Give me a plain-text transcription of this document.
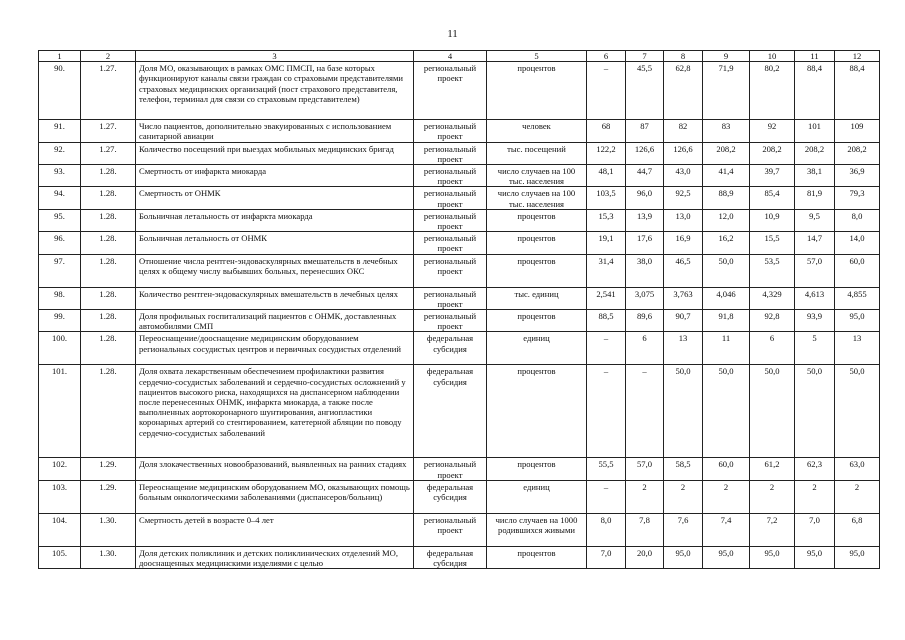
11
1	2	3	4	5	6	7	8	9	10	11	12
90.	1.27.	Доля МО, оказывающих в рамках ОМС ПМСП, на базе которых функционируют каналы связи граждан со страховыми представителями страховых медицинских организаций (пост страхового представителя, телефон, терминал для связи со страховым представителем)	региональный проект	процентов	–	45,5	62,8	71,9	80,2	88,4	88,4
91.	1.27.	Число пациентов, дополнительно эвакуированных с использованием санитарной авиации	региональный проект	человек	68	87	82	83	92	101	109
92.	1.27.	Количество посещений при выездах мобильных медицинских бригад	региональный проект	тыс. посещений	122,2	126,6	126,6	208,2	208,2	208,2	208,2
93.	1.28.	Смертность от инфаркта миокарда	региональный проект	число случаев на 100 тыс. населения	48,1	44,7	43,0	41,4	39,7	38,1	36,9
94.	1.28.	Смертность от ОНМК	региональный проект	число случаев на 100 тыс. населения	103,5	96,0	92,5	88,9	85,4	81,9	79,3
95.	1.28.	Больничная летальность от инфаркта миокарда	региональный проект	процентов	15,3	13,9	13,0	12,0	10,9	9,5	8,0
96.	1.28.	Больничная летальность от ОНМК	региональный проект	процентов	19,1	17,6	16,9	16,2	15,5	14,7	14,0
97.	1.28.	Отношение числа рентген-эндоваскулярных вмешательств в лечебных целях к общему числу выбывших больных, перенесших ОКС	региональный проект	процентов	31,4	38,0	46,5	50,0	53,5	57,0	60,0
98.	1.28.	Количество рентген-эндоваскулярных вмешательств в лечебных целях	региональный проект	тыс. единиц	2,541	3,075	3,763	4,046	4,329	4,613	4,855
99.	1.28.	Доля профильных госпитализаций пациентов с ОНМК, доставленных автомобилями СМП	региональный проект	процентов	88,5	89,6	90,7	91,8	92,8	93,9	95,0
100.	1.28.	Переоснащение/дооснащение медицинским оборудованием региональных сосудистых центров и первичных сосудистых отделений	федеральная субсидия	единиц	–	6	13	11	6	5	13
101.	1.28.	Доля охвата лекарственным обеспечением профилактики развития сердечно-сосудистых заболеваний и сердечно-сосудистых осложнений у пациентов высокого риска, находящихся на диспансерном наблюдении после перенесенных ОНМК, инфаркта миокарда, а также после выполненных аортокоронарного шунтирования, ангиопластики коронарных артерий со стентированием, катетерной абляции по поводу сердечно-сосудистых заболеваний	федеральная субсидия	процентов	–	–	50,0	50,0	50,0	50,0	50,0
102.	1.29.	Доля злокачественных новообразований, выявленных на ранних стадиях	региональный проект	процентов	55,5	57,0	58,5	60,0	61,2	62,3	63,0
103.	1.29.	Переоснащение медицинским оборудованием МО, оказывающих помощь больным онкологическими заболеваниями (диспансеров/больниц)	федеральная субсидия	единиц	–	2	2	2	2	2	2
104.	1.30.	Смертность детей в возрасте 0–4 лет	региональный проект	число случаев на 1000 родившихся живыми	8,0	7,8	7,6	7,4	7,2	7,0	6,8
105.	1.30.	Доля детских поликлиник и детских поликлинических отделений МО, дооснащенных медицинскими изделиями с целью	федеральная субсидия	процентов	7,0	20,0	95,0	95,0	95,0	95,0	95,0
